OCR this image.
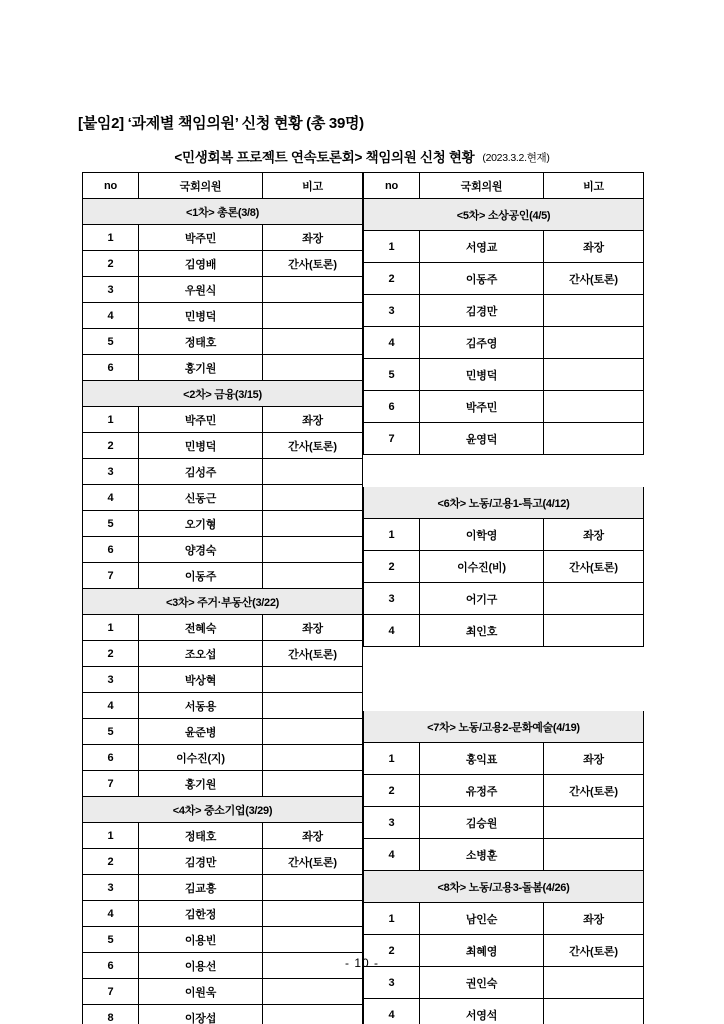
[붙임2] ‘과제별 책임의원’ 신청 현황 (총 39명)
<민생회복 프로젝트 연속토론회> 책임의원 신청 현황 (2023.3.2.현재)
no	국회의원	비고
<1차> 총론(3/8)		
1	박주민	좌장
2	김영배	간사(토론)
3	우원식	
4	민병덕	
5	정태호	
6	홍기원	
<2차> 금융(3/15)		
1	박주민	좌장
2	민병덕	간사(토론)
3	김성주	
4	신동근	
5	오기형	
6	양경숙	
7	이동주	
<3차> 주거·부동산(3/22)		
1	전혜숙	좌장
2	조오섭	간사(토론)
3	박상혁	
4	서동용	
5	윤준병	
6	이수진(지)	
7	홍기원	
<4차> 중소기업(3/29)		
1	정태호	좌장
2	김경만	간사(토론)
3	김교흥	
4	김한정	
5	이용빈	
6	이용선	
7	이원욱	
8	이장섭	
no	국회의원	비고
<5차> 소상공인(4/5)		
1	서영교	좌장
2	이동주	간사(토론)
3	김경만	
4	김주영	
5	민병덕	
6	박주민	
7	윤영덕	

<6차> 노동/고용1-특고(4/12)		
1	이학영	좌장
2	이수진(비)	간사(토론)
3	어기구	
4	최인호	

<7차> 노동/고용2-문화예술(4/19)		
1	홍익표	좌장
2	유정주	간사(토론)
3	김승원	
4	소병훈	
<8차> 노동/고용3-돌봄(4/26)		
1	남인순	좌장
2	최혜영	간사(토론)
3	권인숙	
4	서영석	
- 10 -
